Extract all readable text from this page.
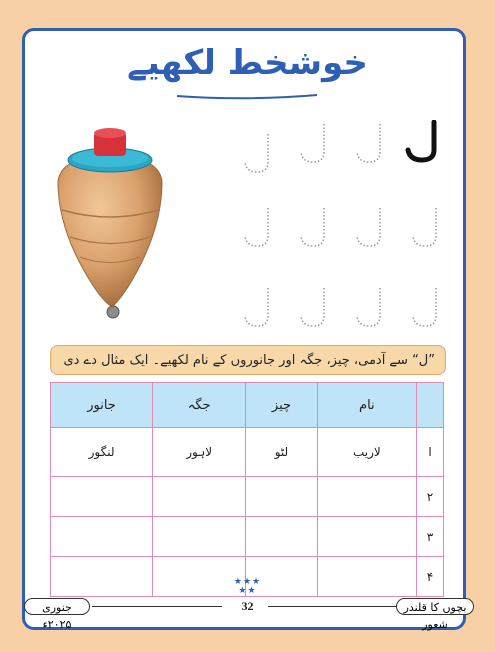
خوشخط لکھیے
”ل“ سے آدمی، چیز، جگہ اور جانوروں کے نام لکھیے۔ ایک مثال دے دی
	نام	چیز	جگہ	جانور
ا	لاریب	لٹو	لاہور	لنگور
۲				
۳				
۴				
★★★
★★
جنوری ۲۰۲۵ء
بچوں کا قلندر شعور
32
